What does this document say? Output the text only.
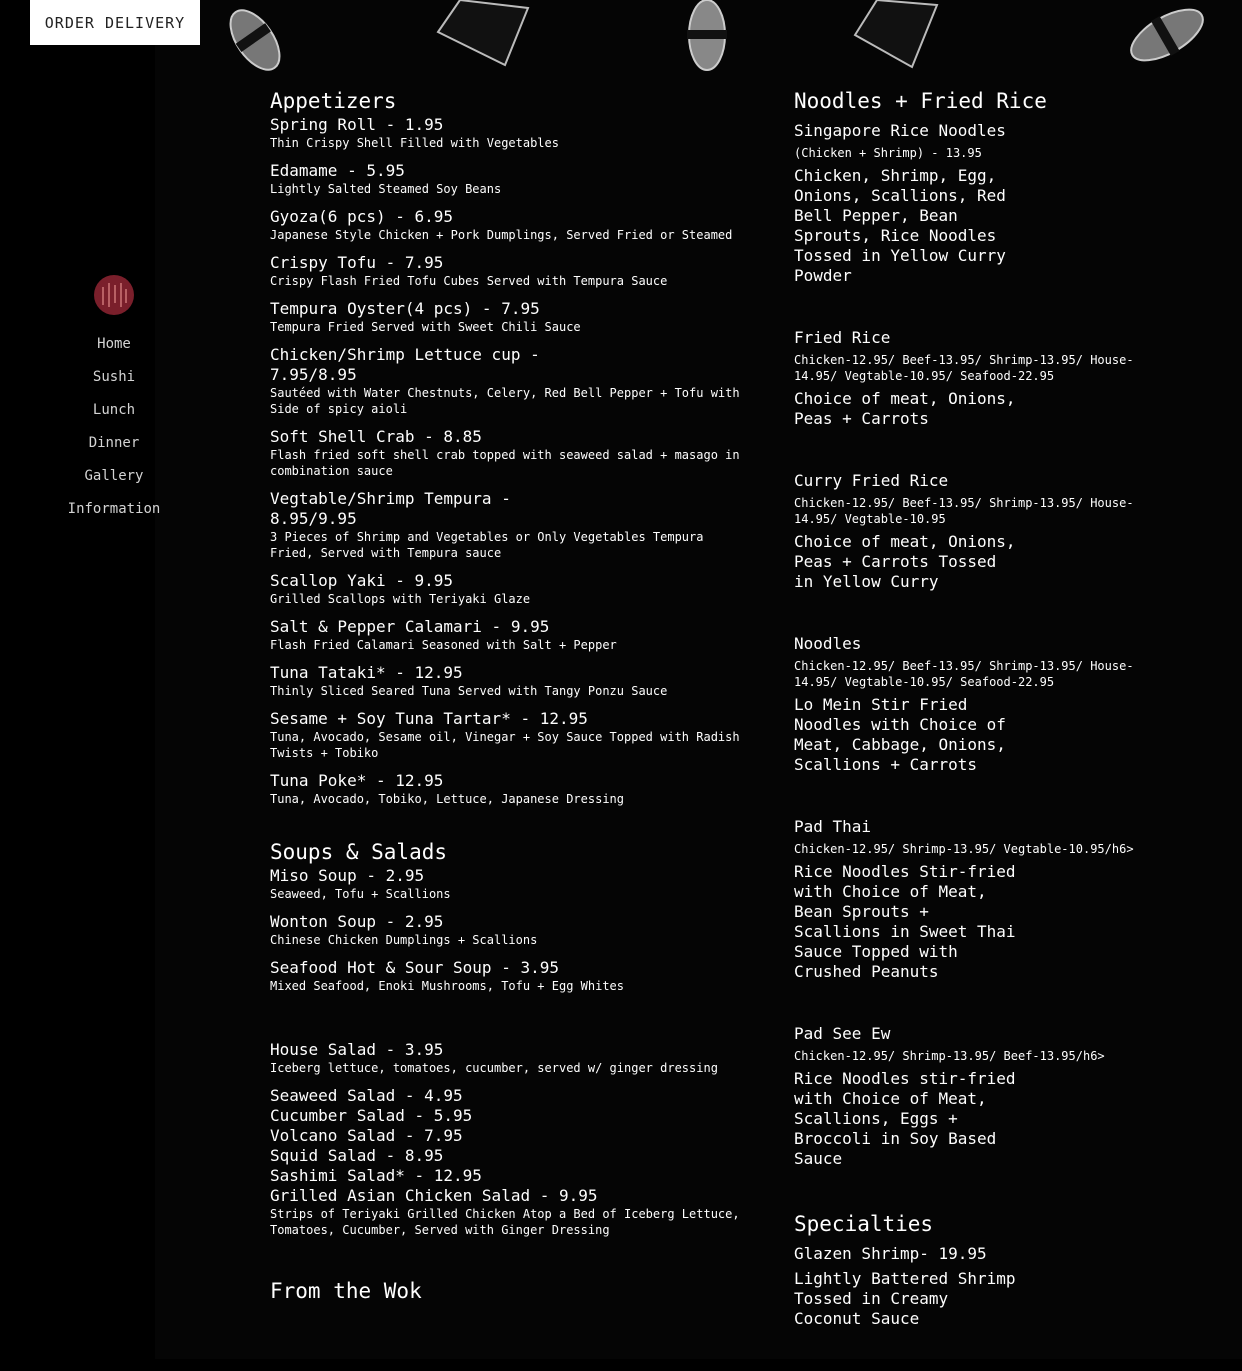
ORDER DELIVERY
Home
Sushi
Lunch
Dinner
Gallery
Information
Appetizers
Spring Roll - 1.95
Thin Crispy Shell Filled with Vegetables
Edamame - 5.95
Lightly Salted Steamed Soy Beans
Gyoza(6 pcs) - 6.95
Japanese Style Chicken + Pork Dumplings, Served Fried or Steamed
Crispy Tofu - 7.95
Crispy Flash Fried Tofu Cubes Served with Tempura Sauce
Tempura Oyster(4 pcs) - 7.95
Tempura Fried Served with Sweet Chili Sauce
Chicken/Shrimp Lettuce cup -
7.95/8.95
Sautéed with Water Chestnuts, Celery, Red Bell Pepper + Tofu with Side of spicy aioli
Soft Shell Crab - 8.85
Flash fried soft shell crab topped with seaweed salad + masago in combination sauce
Vegtable/Shrimp Tempura -
8.95/9.95
3 Pieces of Shrimp and Vegetables or Only Vegetables Tempura Fried, Served with Tempura sauce
Scallop Yaki - 9.95
Grilled Scallops with Teriyaki Glaze
Salt & Pepper Calamari - 9.95
Flash Fried Calamari Seasoned with Salt + Pepper
Tuna Tataki* - 12.95
Thinly Sliced Seared Tuna Served with Tangy Ponzu Sauce
Sesame + Soy Tuna Tartar* - 12.95
Tuna, Avocado, Sesame oil, Vinegar + Soy Sauce Topped with Radish Twists + Tobiko
Tuna Poke* - 12.95
Tuna, Avocado, Tobiko, Lettuce, Japanese Dressing
Soups & Salads
Miso Soup - 2.95
Seaweed, Tofu + Scallions
Wonton Soup - 2.95
Chinese Chicken Dumplings + Scallions
Seafood Hot & Sour Soup - 3.95
Mixed Seafood, Enoki Mushrooms, Tofu + Egg Whites
House Salad - 3.95
Iceberg lettuce, tomatoes, cucumber, served w/ ginger dressing
Seaweed Salad - 4.95
Cucumber Salad - 5.95
Volcano Salad - 7.95
Squid Salad - 8.95
Sashimi Salad* - 12.95
Grilled Asian Chicken Salad - 9.95
Strips of Teriyaki Grilled Chicken Atop a Bed of Iceberg Lettuce, Tomatoes, Cucumber, Served with Ginger Dressing
From the Wok
Noodles + Fried Rice
Singapore Rice Noodles
(Chicken + Shrimp) - 13.95
Chicken, Shrimp, Egg, Onions, Scallions, Red Bell Pepper, Bean Sprouts, Rice Noodles Tossed in Yellow Curry Powder
Fried Rice
Chicken-12.95/ Beef-13.95/ Shrimp-13.95/ House-14.95/ Vegtable-10.95/ Seafood-22.95
Choice of meat, Onions, Peas + Carrots
Curry Fried Rice
Chicken-12.95/ Beef-13.95/ Shrimp-13.95/ House-14.95/ Vegtable-10.95
Choice of meat, Onions, Peas + Carrots Tossed in Yellow Curry
Noodles
Chicken-12.95/ Beef-13.95/ Shrimp-13.95/ House-14.95/ Vegtable-10.95/ Seafood-22.95
Lo Mein Stir Fried Noodles with Choice of Meat, Cabbage, Onions, Scallions + Carrots
Pad Thai
Chicken-12.95/ Shrimp-13.95/ Vegtable-10.95/h6>
Rice Noodles Stir-fried with Choice of Meat, Bean Sprouts + Scallions in Sweet Thai Sauce Topped with Crushed Peanuts
Pad See Ew
Chicken-12.95/ Shrimp-13.95/ Beef-13.95/h6>
Rice Noodles stir-fried with Choice of Meat, Scallions, Eggs + Broccoli in Soy Based Sauce
Specialties
Glazen Shrimp- 19.95
Lightly Battered Shrimp Tossed in Creamy Coconut Sauce
